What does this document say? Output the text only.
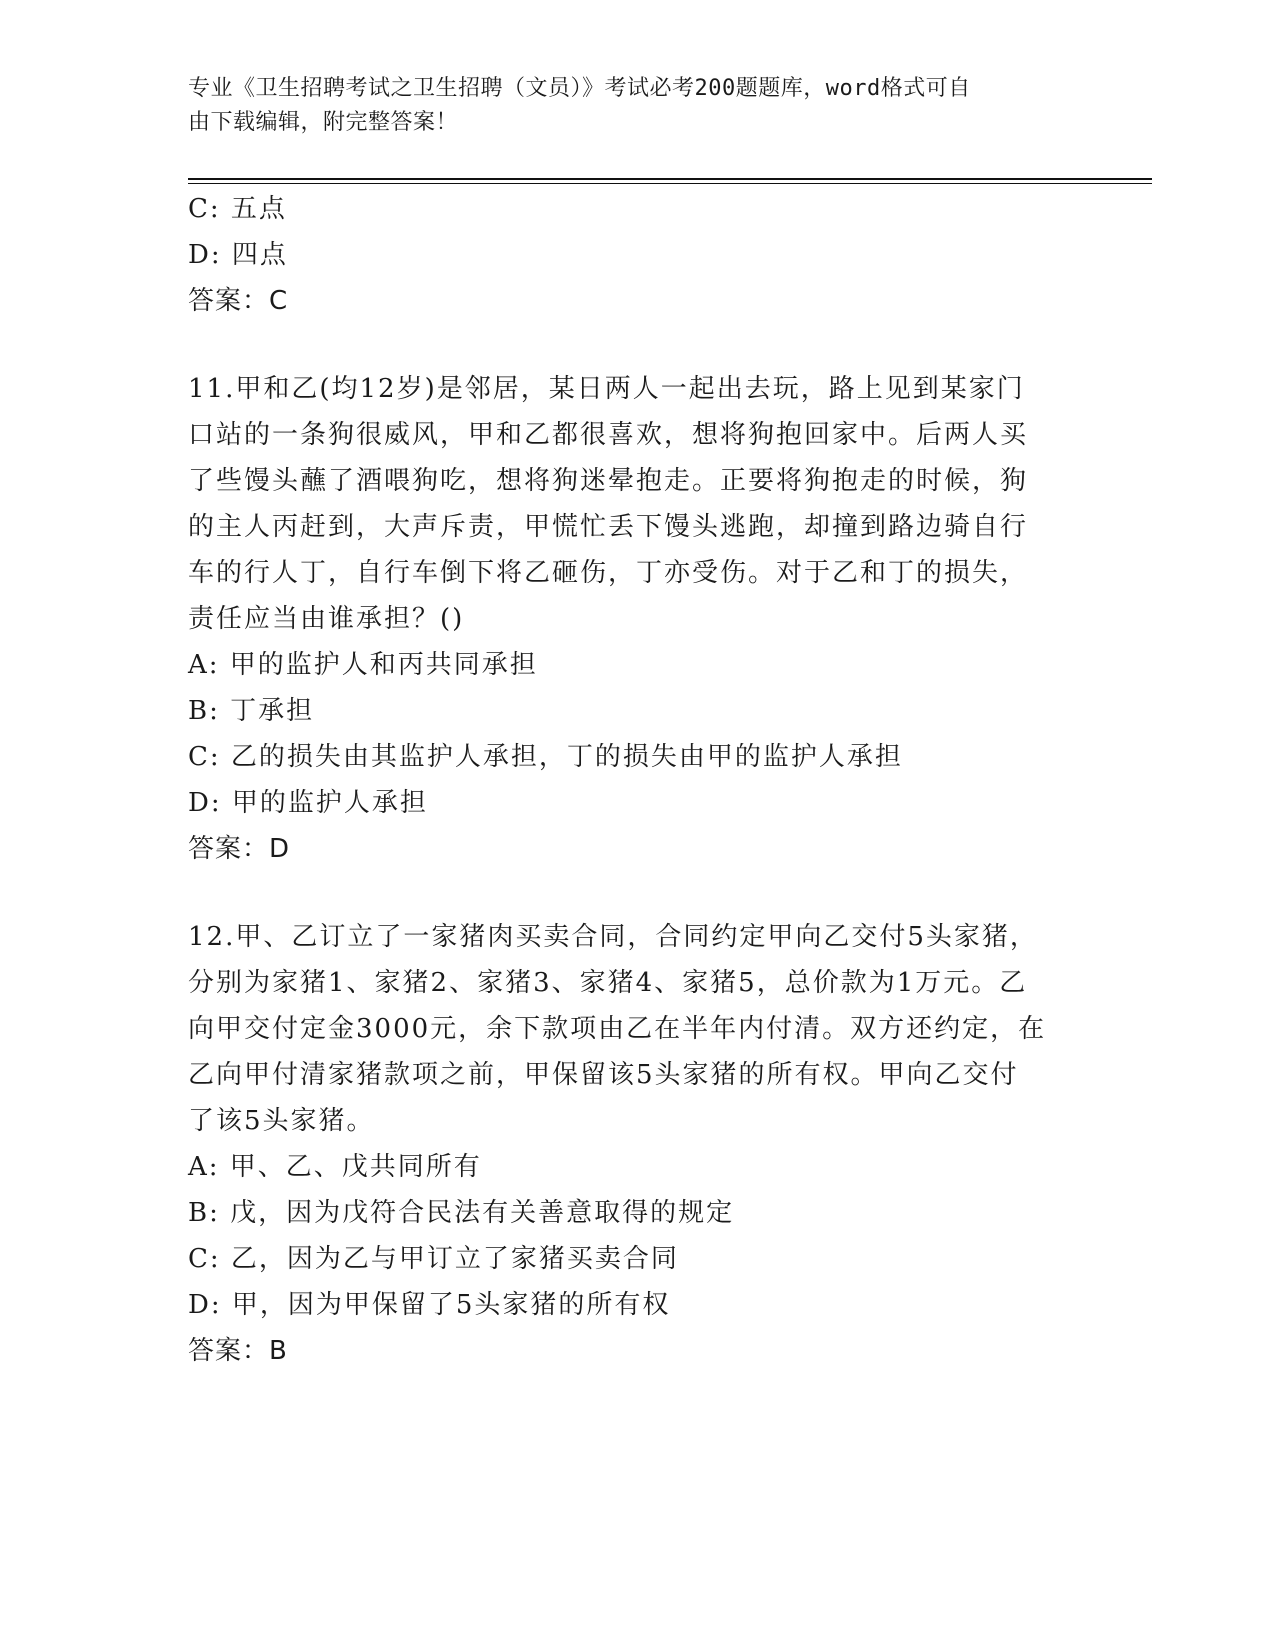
专业《卫生招聘考试之卫生招聘（文员）》考试必考200题题库，word格式可自
由下载编辑，附完整答案！
C: 五点
D: 四点
答案：C
11.甲和乙(均12岁)是邻居，某日两人一起出去玩，路上见到某家门
口站的一条狗很威风，甲和乙都很喜欢，想将狗抱回家中。后两人买
了些馒头蘸了酒喂狗吃，想将狗迷晕抱走。正要将狗抱走的时候，狗
的主人丙赶到，大声斥责，甲慌忙丢下馒头逃跑，却撞到路边骑自行
车的行人丁，自行车倒下将乙砸伤，丁亦受伤。对于乙和丁的损失，
责任应当由谁承担？()
A: 甲的监护人和丙共同承担
B: 丁承担
C: 乙的损失由其监护人承担，丁的损失由甲的监护人承担
D: 甲的监护人承担
答案：D
12.甲、乙订立了一家猪肉买卖合同，合同约定甲向乙交付5头家猪，
分别为家猪1、家猪2、家猪3、家猪4、家猪5，总价款为1万元。乙
向甲交付定金3000元，余下款项由乙在半年内付清。双方还约定，在
乙向甲付清家猪款项之前，甲保留该5头家猪的所有权。甲向乙交付
了该5头家猪。
A: 甲、乙、戊共同所有
B: 戊，因为戊符合民法有关善意取得的规定
C: 乙，因为乙与甲订立了家猪买卖合同
D: 甲，因为甲保留了5头家猪的所有权
答案：B
